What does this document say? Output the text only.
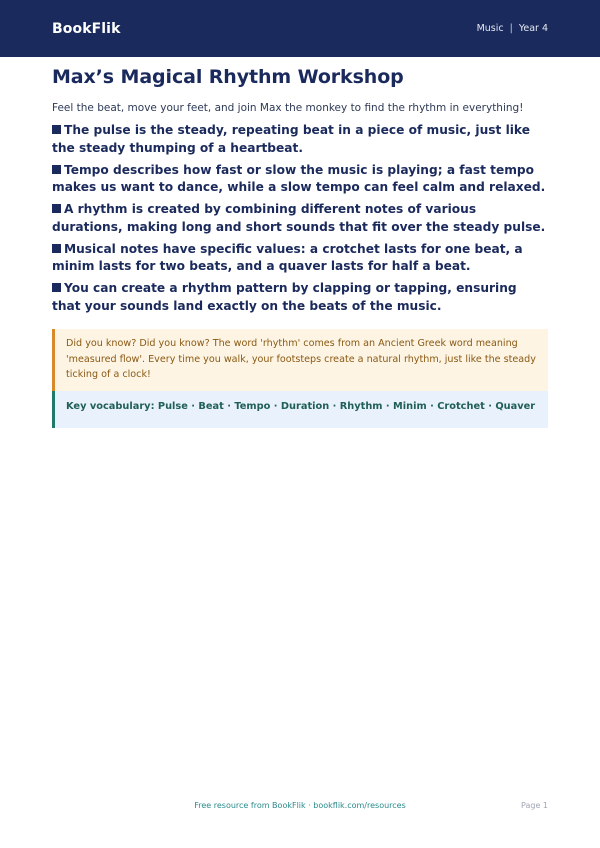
BookFlik	Music | Year 4
Max’s Magical Rhythm Workshop

Feel the beat, move your feet, and join Max the monkey to find the rhythm in everything!

The pulse is the steady, repeating beat in a piece of music, just like the steady thumping of a heartbeat.
Tempo describes how fast or slow the music is playing; a fast tempo makes us want to dance, while a slow tempo can feel calm and relaxed.
A rhythm is created by combining different notes of various durations, making long and short sounds that fit over the steady pulse.
Musical notes have specific values: a crotchet lasts for one beat, a minim lasts for two beats, and a quaver lasts for half a beat.
You can create a rhythm pattern by clapping or tapping, ensuring that your sounds land exactly on the beats of the music.
Did you know? Did you know? The word 'rhythm' comes from an Ancient Greek word meaning 'measured flow'. Every time you walk, your footsteps create a natural rhythm, just like the steady ticking of a clock!
Key vocabulary: Pulse · Beat · Tempo · Duration · Rhythm · Minim · Crotchet · Quaver
Free resource from BookFlik · bookflik.com/resources	Page 1
